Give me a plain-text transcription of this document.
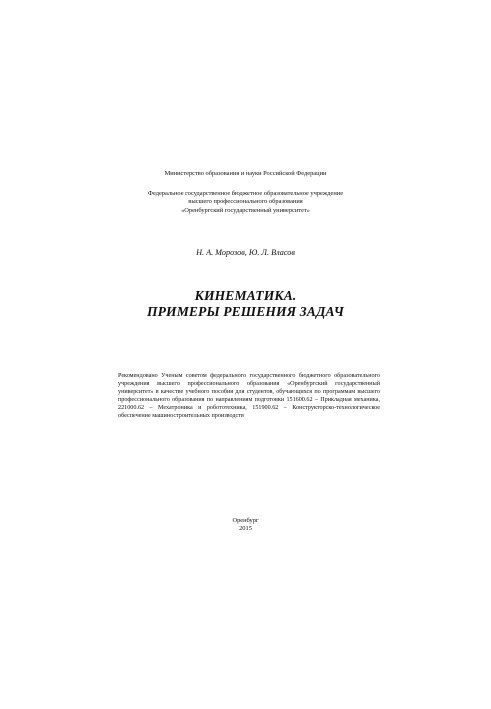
Министерство образования и науки Российской Федерации
Федеральное государственное бюджетное образовательное учреждение
высшего профессионального образования
«Оренбургский государственный университет»
Н. А. Морозов, Ю. Л. Власов
КИНЕМАТИКА.
ПРИМЕРЫ РЕШЕНИЯ ЗАДАЧ
Рекомендовано Ученым советом федерального государственного бюджетного образовательного учреждения высшего профессионального образования «Оренбургский государственный университет» в качестве учебного пособия для студентов, обучающихся по программам высшего профессионального образования по направлениям подготовки 151600.62 – Прикладная механика, 221000.62 – Мехатроника и робототехника, 151900.62 – Конструкторско-технологическое обеспечение машиностроительных производств
Оренбург
2015
